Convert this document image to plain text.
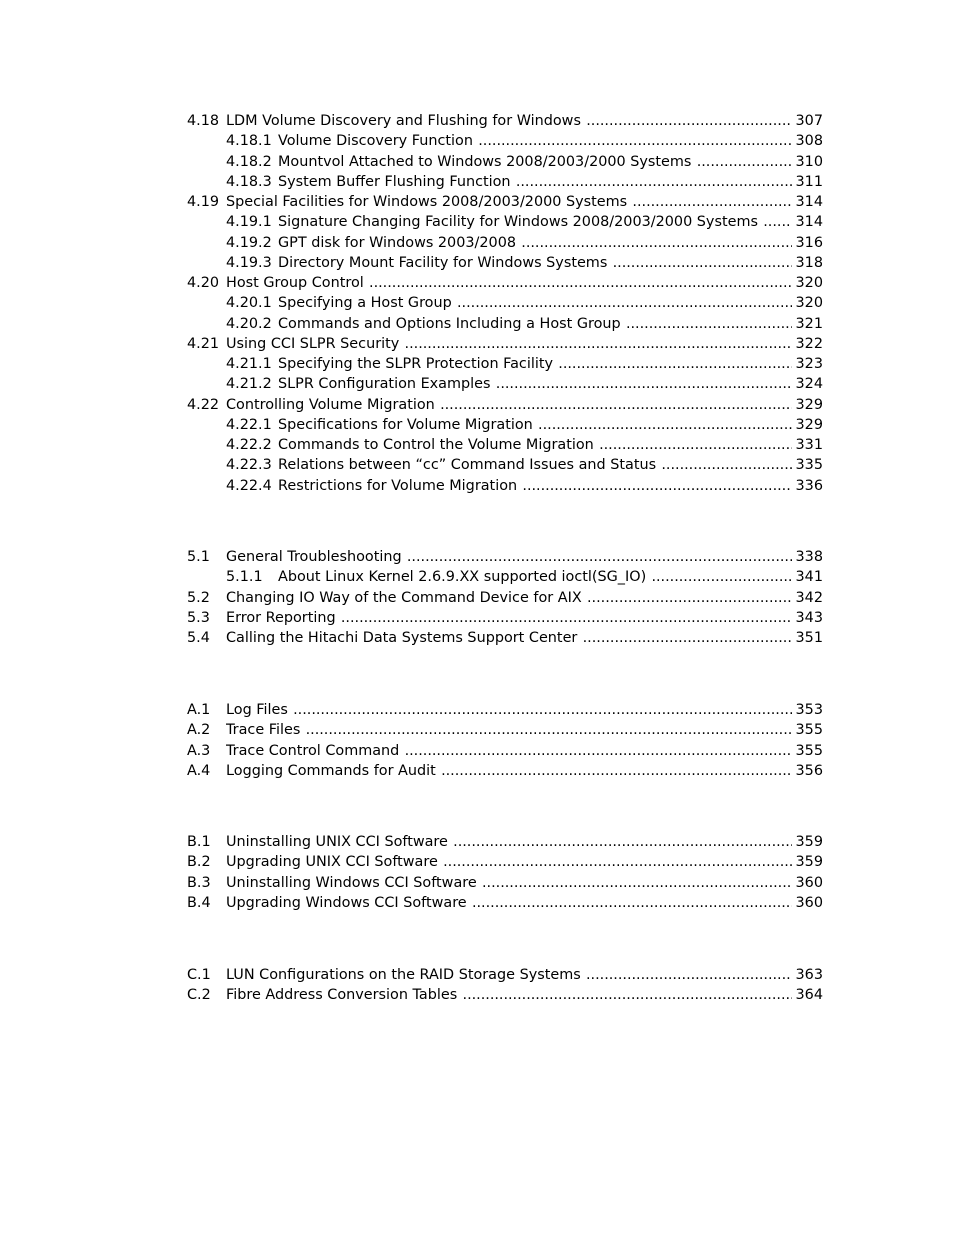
4.18 LDM Volume Discovery and Flushing for Windows . . .	307
4.18.1 Volume Discovery Function . . .	308
4.18.2 Mountvol Attached to Windows 2008/2003/2000 Systems . . .	310
4.18.3 System Buffer Flushing Function . . .	311
4.19 Special Facilities for Windows 2008/2003/2000 Systems . . .	314
4.19.1 Signature Changing Facility for Windows 2008/2003/2000 Systems . . .	314
4.19.2 GPT disk for Windows 2003/2008 . . .	316
4.19.3 Directory Mount Facility for Windows Systems . . .	318
4.20 Host Group Control . . .	320
4.20.1 Specifying a Host Group . . .	320
4.20.2 Commands and Options Including a Host Group . . .	321
4.21 Using CCI SLPR Security . . .	322
4.21.1 Specifying the SLPR Protection Facility . . .	323
4.21.2 SLPR Configuration Examples . . .	324
4.22 Controlling Volume Migration . . .	329
4.22.1 Specifications for Volume Migration . . .	329
4.22.2 Commands to Control the Volume Migration . . .	331
4.22.3 Relations between “cc” Command Issues and Status . . .	335
4.22.4 Restrictions for Volume Migration . . .	336
5.1 General Troubleshooting . . .	338
5.1.1 About Linux Kernel 2.6.9.XX supported ioctl(SG_IO) . . .	341
5.2 Changing IO Way of the Command Device for AIX . . .	342
5.3 Error Reporting . . .	343
5.4 Calling the Hitachi Data Systems Support Center . . .	351
A.1 Log Files . . .	353
A.2 Trace Files . . .	355
A.3 Trace Control Command . . .	355
A.4 Logging Commands for Audit . . .	356
B.1 Uninstalling UNIX CCI Software . . .	359
B.2 Upgrading UNIX CCI Software . . .	359
B.3 Uninstalling Windows CCI Software . . .	360
B.4 Upgrading Windows CCI Software . . .	360
C.1 LUN Configurations on the RAID Storage Systems . . .	363
C.2 Fibre Address Conversion Tables . . .	364
